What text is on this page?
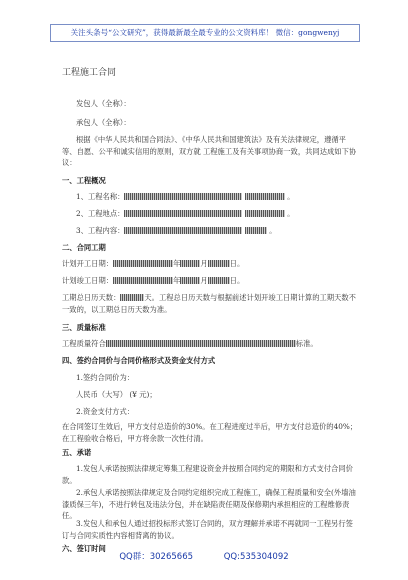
关注头条号“公文研究”，获得最新最全最专业的公文资料库！ 微信：gongwenyj
工程施工合同
发包人（全称）：
承包人（全称）：
根据《中华人民共和国合同法》、《中华人民共和国建筑法》及有关法律规定，遵循平等、自愿、公平和诚实信用的原则，双方就 工程施工及有关事项协商一致，共同达成如下协议：
一、工程概况
1、工程名称：	。
2、工程地点：	。
3、工程内容：	。
二、合同工期
计划开工日期：	年	月	日。
计划竣工日期：	年	月	日。
工期总日历天数：	天。工程总日历天数与根据前述计划开竣工日期计算的工期天数不一致的，以工期总日历天数为准。
三、质量标准
工程质量符合	标准。
四、签约合同价与合同价格形式及资金支付方式
1.签约合同价为：
人民币（大写） (¥ 元)；
2.资金支付方式：
在合同签订生效后，甲方支付总造价的30%。在工程进度过半后，甲方支付总造价的40%； 在工程验收合格后，甲方将余款一次性付清。
五、承诺
1.发包人承诺按照法律规定筹集工程建设资金并按照合同约定的期限和方式支付合同价款。
2.承包人承诺按照法律规定及合同约定组织完成工程施工，确保工程质量和安全(外墙油漆质保三年)，不进行转包及违法分包，并在缺陷责任期及保修期内承担相应的工程维修责任。
3.发包人和承包人通过招投标形式签订合同的，双方理解并承诺不再就同一工程另行签订与合同实质性内容相背离的协议。
六、签订时间
QQ群：30265665	QQ:535304092
